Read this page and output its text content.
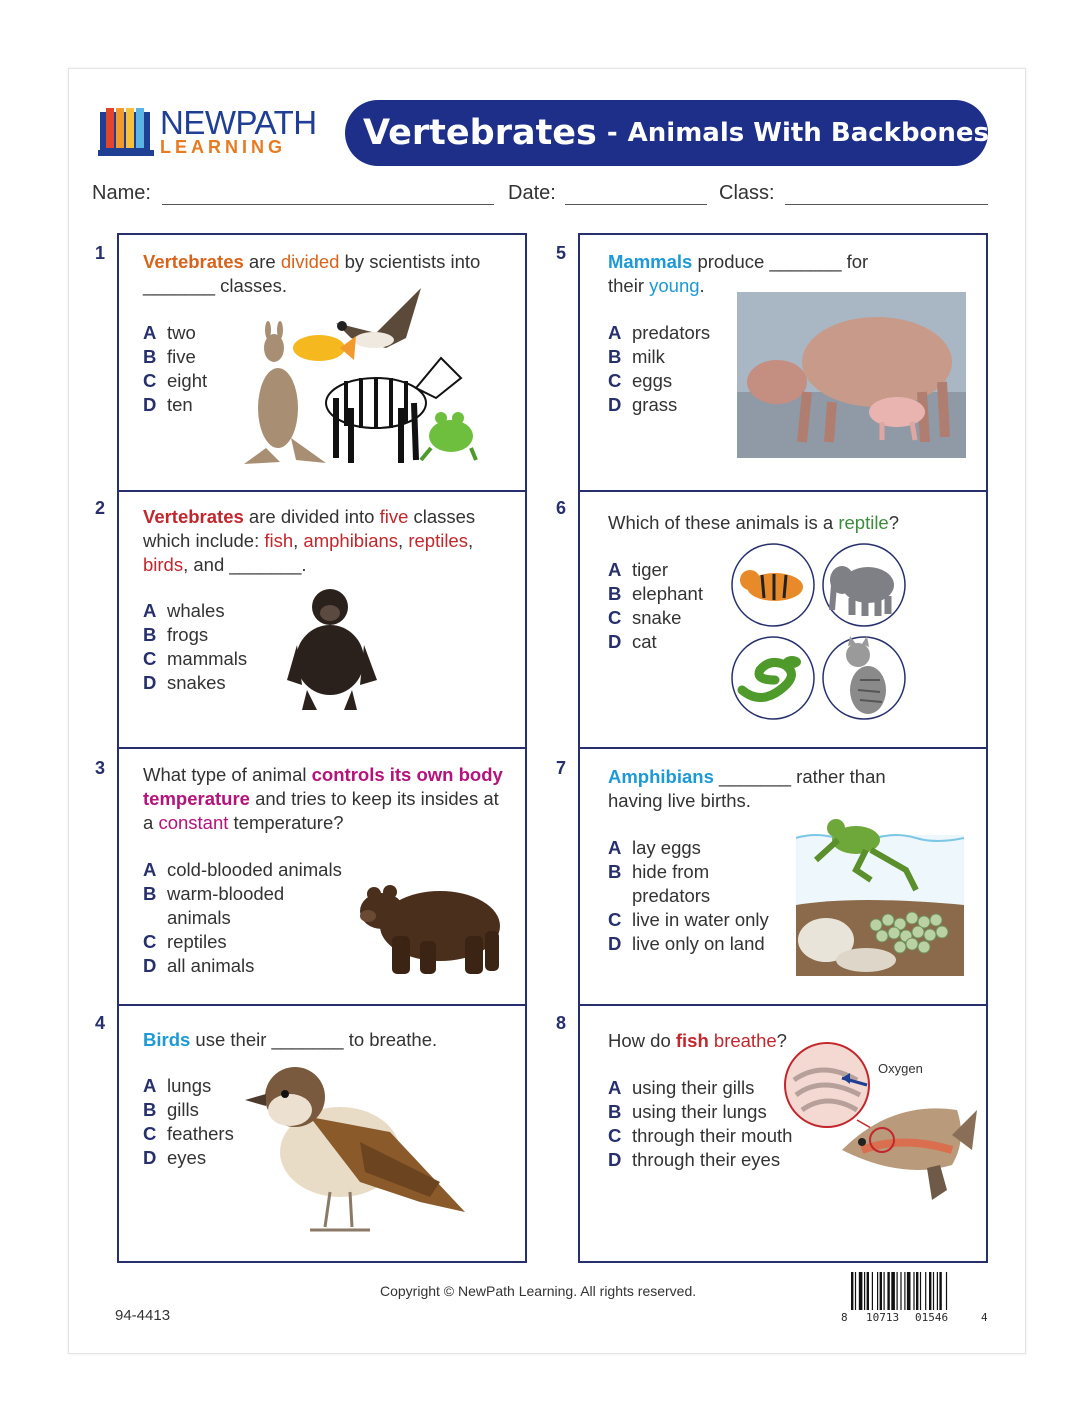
NEWPATH
LEARNING Vertebrates - Animals With Backbones
Name:	Date:	Class:
1
2
3
4
5
6
7
8
Vertebrates are divided by scientists into _______ classes.
A two
B five
C eight
D ten
Vertebrates are divided into five classes which include: fish, amphibians, reptiles, birds, and _______.
A whales
B frogs
C mammals
D snakes
What type of animal controls its own body temperature and tries to keep its insides at a constant temperature?
A cold-blooded animals
B warm-blooded animals
C reptiles
D all animals
Birds use their _______ to breathe.
A lungs
B gills
C feathers
D eyes
Mammals produce _______ for their young.
A predators
B milk
C eggs
D grass
Which of these animals is a reptile?
A tiger
B elephant
C snake
D cat
Amphibians _______ rather than having live births.
A lay eggs
B hide from predators
C live in water only
D live only on land
How do fish breathe?
A using their gills
B using their lungs
C through their mouth
D through their eyes
Oxygen
Copyright © NewPath Learning. All rights reserved.
94-4413	8 10713 01546	4
